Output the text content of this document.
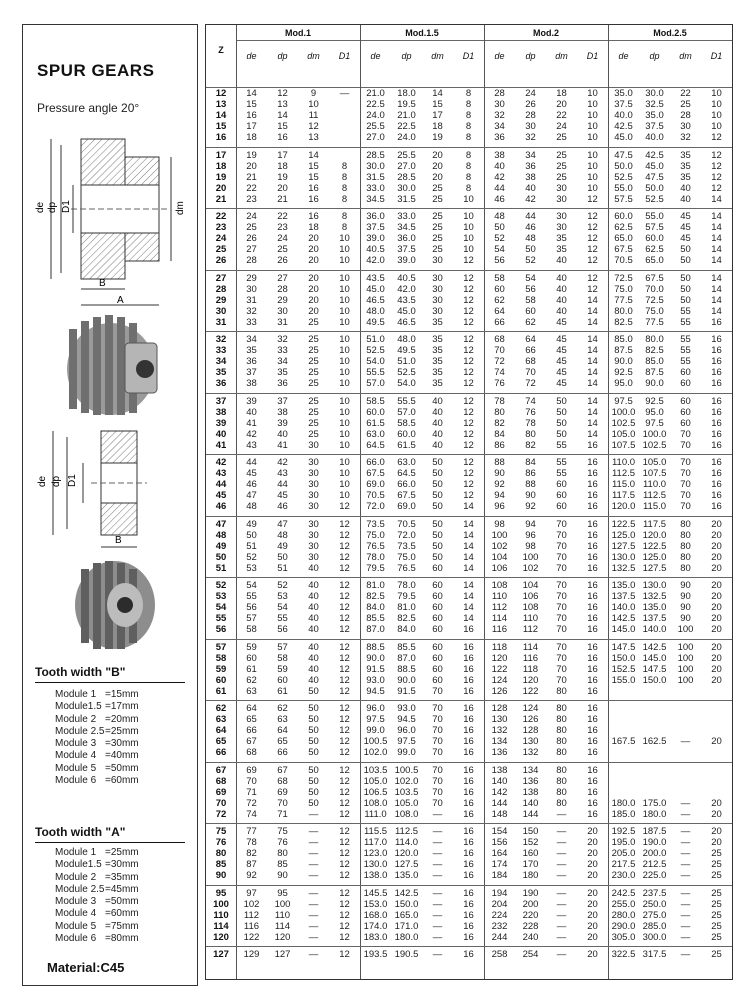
SPUR GEARS
Pressure angle 20°
de dp D1	dm
B
A
de dp D1
B
Tooth width "B"
Module 1 =15mm
Module1.5 =17mm
Module 2 =20mm
Module 2.5 =25mm
Module 3 =30mm
Module 4 =40mm
Module 5 =50mm
Module 6 =60mm
Tooth width "A"
Module 1 =25mm
Module1.5 =30mm
Module 2 =35mm
Module 2.5 =45mm
Module 3 =50mm
Module 4 =60mm
Module 5 =75mm
Module 6 =80mm
Material:C45
Z
Mod.1
de	dp	dm	D1
Mod.1.5
de	dp	dm	D1
Mod.2
de	dp	dm	D1
Mod.2.5
de	dp	dm	D1
12	14	12	9	—	21.0	18.0	14	8	28	24	18	10	35.0	30.0	22	10
13	15	13	10	22.5	19.5	15	8	30	26	20	10	37.5	32.5	25	10
14	16	14	11	24.0	21.0	17	8	32	28	22	10	40.0	35.0	28	10
15	17	15	12	25.5	22.5	18	8	34	30	24	10	42.5	37.5	30	10
16	18	16	13	27.0	24.0	19	8	36	32	25	10	45.0	40.0	32	12
17	19	17	14	28.5	25.5	20	8	38	34	25	10	47.5	42.5	35	12
18	20	18	15	8	30.0	27.0	20	8	40	36	25	10	50.0	45.0	35	12
19	21	19	15	8	31.5	28.5	20	8	42	38	25	10	52.5	47.5	35	12
20	22	20	16	8	33.0	30.0	25	8	44	40	30	10	55.0	50.0	40	12
21	23	21	16	8	34.5	31.5	25	10	46	42	30	12	57.5	52.5	40	14
22	24	22	16	8	36.0	33.0	25	10	48	44	30	12	60.0	55.0	45	14
23	25	23	18	8	37.5	34.5	25	10	50	46	30	12	62.5	57.5	45	14
24	26	24	20	10	39.0	36.0	25	10	52	48	35	12	65.0	60.0	45	14
25	27	25	20	10	40.5	37.5	25	10	54	50	35	12	67.5	62.5	50	14
26	28	26	20	10	42.0	39.0	30	12	56	52	40	12	70.5	65.0	50	14
27	29	27	20	10	43.5	40.5	30	12	58	54	40	12	72.5	67.5	50	14
28	30	28	20	10	45.0	42.0	30	12	60	56	40	12	75.0	70.0	50	14
29	31	29	20	10	46.5	43.5	30	12	62	58	40	14	77.5	72.5	50	14
30	32	30	20	10	48.0	45.0	30	12	64	60	40	14	80.0	75.0	55	14
31	33	31	25	10	49.5	46.5	35	12	66	62	45	14	82.5	77.5	55	16
32	34	32	25	10	51.0	48.0	35	12	68	64	45	14	85.0	80.0	55	16
33	35	33	25	10	52.5	49.5	35	12	70	66	45	14	87.5	82.5	55	16
34	36	34	25	10	54.0	51.0	35	12	72	68	45	14	90.0	85.0	55	16
35	37	35	25	10	55.5	52.5	35	12	74	70	45	14	92.5	87.5	60	16
36	38	36	25	10	57.0	54.0	35	12	76	72	45	14	95.0	90.0	60	16
37	39	37	25	10	58.5	55.5	40	12	78	74	50	14	97.5	92.5	60	16
38	40	38	25	10	60.0	57.0	40	12	80	76	50	14	100.0	95.0	60	16
39	41	39	25	10	61.5	58.5	40	12	82	78	50	14	102.5	97.5	60	16
40	42	40	25	10	63.0	60.0	40	12	84	80	50	14	105.0 100.0	70	16
41	43	41	30	10	64.5	61.5	40	12	86	82	55	16	107.5 102.5	70	16
42	44	42	30	10	66.0	63.0	50	12	88	84	55	16	110.0 105.0	70	16
43	45	43	30	10	67.5	64.5	50	12	90	86	55	16	112.5 107.5	70	16
44	46	44	30	10	69.0	66.0	50	12	92	88	60	16	115.0 110.0	70	16
45	47	45	30	10	70.5	67.5	50	12	94	90	60	16	117.5 112.5	70	16
46	48	46	30	12	72.0	69.0	50	14	96	92	60	16	120.0 115.0	70	16
47	49	47	30	12	73.5	70.5	50	14	98	94	70	16	122.5 117.5	80	20
48	50	48	30	12	75.0	72.0	50	14	100	96	70	16	125.0 120.0	80	20
49	51	49	30	12	76.5	73.5	50	14	102	98	70	16	127.5 122.5	80	20
50	52	50	30	12	78.0	75.0	50	14	104	100	70	16	130.0 125.0	80	20
51	53	51	40	12	79.5	76.5	60	14	106	102	70	16	132.5 127.5	80	20
52	54	52	40	12	81.0	78.0	60	14	108	104	70	16	135.0 130.0	90	20
53	55	53	40	12	82.5	79.5	60	14	110	106	70	16	137.5 132.5	90	20
54	56	54	40	12	84.0	81.0	60	14	112	108	70	16	140.0 135.0	90	20
55	57	55	40	12	85.5	82.5	60	14	114	110	70	16	142.5 137.5	90	20
56	58	56	40	12	87.0	84.0	60	16	116	112	70	16	145.0 140.0	100	20
57	59	57	40	12	88.5	85.5	60	16	118	114	70	16	147.5 142.5	100	20
58	60	58	40	12	90.0	87.0	60	16	120	116	70	16	150.0 145.0	100	20
59	61	59	40	12	91.5	88.5	60	16	122	118	70	16	152.5 147.5	100	20
60	62	60	40	12	93.0	90.0	60	16	124	120	70	16	155.0 150.0	100	20
61	63	61	50	12	94.5	91.5	70	16	126	122	80	16
62	64	62	50	12	96.0	93.0	70	16	128	124	80	16
63	65	63	50	12	97.5	94.5	70	16	130	126	80	16
64	66	64	50	12	99.0	96.0	70	16	132	128	80	16
65	67	65	50	12	100.5	97.5	70	16	134	130	80	16	167.5 162.5	—	20
66	68	66	50	12	102.0	99.0	70	16	136	132	80	16
67	69	67	50	12	103.5 100.5	70	16	138	134	80	16
68	70	68	50	12	105.0 102.0	70	16	140	136	80	16
69	71	69	50	12	106.5 103.5	70	16	142	138	80	16
70	72	70	50	12	108.0 105.0	70	16	144	140	80	16	180.0 175.0	—	20
72	74	71	—	12	111.0 108.0	—	16	148	144	—	16	185.0 180.0	—	20
75	77	75	—	12	115.5 112.5	—	16	154	150	—	20	192.5 187.5	—	20
76	78	76	—	12	117.0 114.0	—	16	156	152	—	20	195.0 190.0	—	20
80	82	80	—	12	123.0 120.0	—	16	164	160	—	20	205.0 200.0	—	25
85	87	85	—	12	130.0 127.5	—	16	174	170	—	20	217.5 212.5	—	25
90	92	90	—	12	138.0 135.0	—	16	184	180	—	20	230.0 225.0	—	25
95	97	95	—	12	145.5 142.5	—	16	194	190	—	20	242.5 237.5	—	25
100	102	100	—	12	153.0 150.0	—	16	204	200	—	20	255.0 250.0	—	25
110	112	110	—	12	168.0 165.0	—	16	224	220	—	20	280.0 275.0	—	25
114	116	114	—	12	174.0 171.0	—	16	232	228	—	20	290.0 285.0	—	25
120	122	120	—	12	183.0 180.0	—	16	244	240	—	20	305.0 300.0	—	25
127	129	127	—	12	193.5 190.5	—	16	258	254	—	20	322.5 317.5	—	25
